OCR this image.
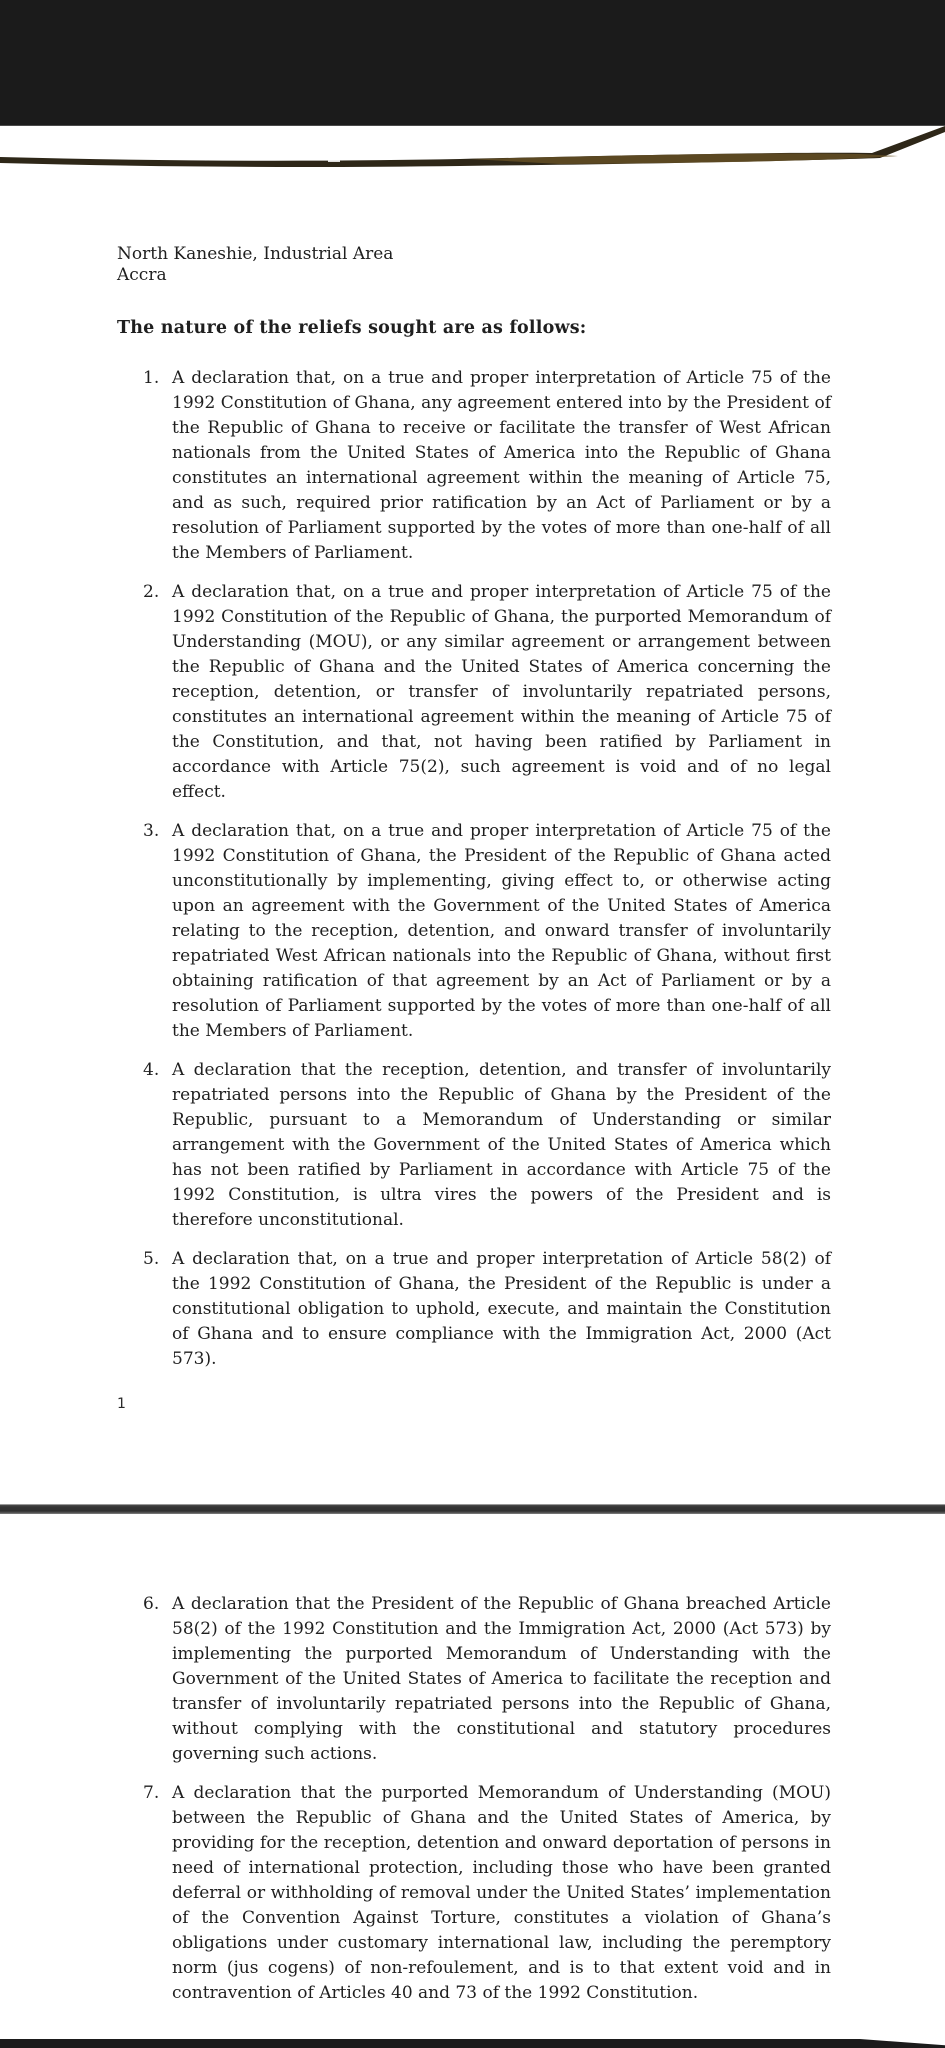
North Kaneshie, Industrial Area
Accra
The nature of the reliefs sought are as follows:
1. A declaration that, on a true and proper interpretation of Article 75 of the 1992 Constitution of Ghana, any agreement entered into by the President of the Republic of Ghana to receive or facilitate the transfer of West African nationals from the United States of America into the Republic of Ghana constitutes an international agreement within the meaning of Article 75, and as such, required prior ratification by an Act of Parliament or by a resolution of Parliament supported by the votes of more than one-half of all the Members of Parliament.
2. A declaration that, on a true and proper interpretation of Article 75 of the 1992 Constitution of the Republic of Ghana, the purported Memorandum of Understanding (MOU), or any similar agreement or arrangement between the Republic of Ghana and the United States of America concerning the reception, detention, or transfer of involuntarily repatriated persons, constitutes an international agreement within the meaning of Article 75 of the Constitution, and that, not having been ratified by Parliament in accordance with Article 75(2), such agreement is void and of no legal effect.
3. A declaration that, on a true and proper interpretation of Article 75 of the 1992 Constitution of Ghana, the President of the Republic of Ghana acted unconstitutionally by implementing, giving effect to, or otherwise acting upon an agreement with the Government of the United States of America relating to the reception, detention, and onward transfer of involuntarily repatriated West African nationals into the Republic of Ghana, without first obtaining ratification of that agreement by an Act of Parliament or by a resolution of Parliament supported by the votes of more than one-half of all the Members of Parliament.
4. A declaration that the reception, detention, and transfer of involuntarily repatriated persons into the Republic of Ghana by the President of the Republic, pursuant to a Memorandum of Understanding or similar arrangement with the Government of the United States of America which has not been ratified by Parliament in accordance with Article 75 of the 1992 Constitution, is ultra vires the powers of the President and is therefore unconstitutional.
5. A declaration that, on a true and proper interpretation of Article 58(2) of the 1992 Constitution of Ghana, the President of the Republic is under a constitutional obligation to uphold, execute, and maintain the Constitution of Ghana and to ensure compliance with the Immigration Act, 2000 (Act 573).
1
6. A declaration that the President of the Republic of Ghana breached Article 58(2) of the 1992 Constitution and the Immigration Act, 2000 (Act 573) by implementing the purported Memorandum of Understanding with the Government of the United States of America to facilitate the reception and transfer of involuntarily repatriated persons into the Republic of Ghana, without complying with the constitutional and statutory procedures governing such actions.
7. A declaration that the purported Memorandum of Understanding (MOU) between the Republic of Ghana and the United States of America, by providing for the reception, detention and onward deportation of persons in need of international protection, including those who have been granted deferral or withholding of removal under the United States’ implementation of the Convention Against Torture, constitutes a violation of Ghana’s obligations under customary international law, including the peremptory norm (jus cogens) of non-refoulement, and is to that extent void and in contravention of Articles 40 and 73 of the 1992 Constitution.
